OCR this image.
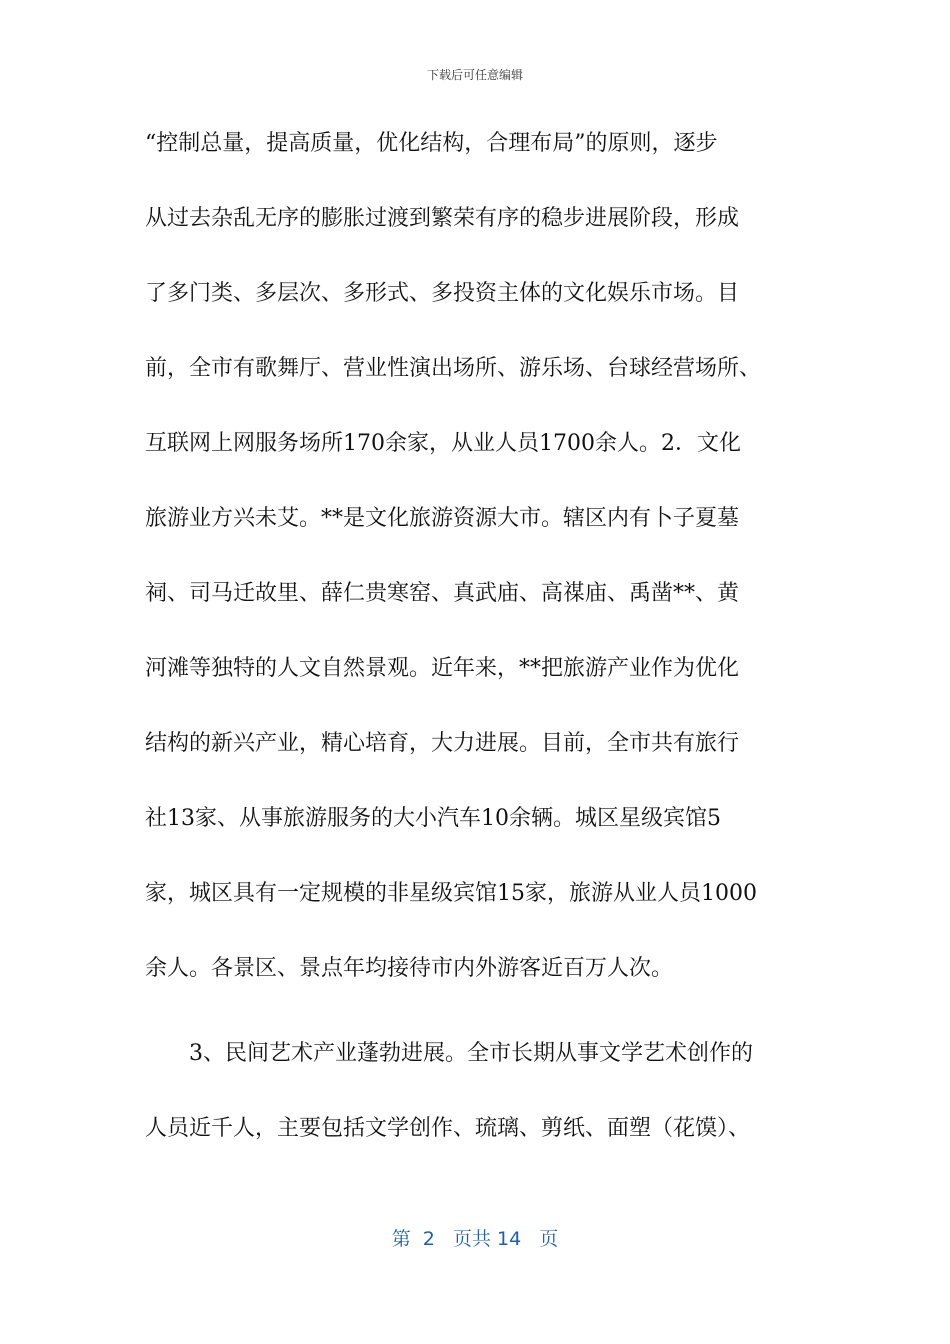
下载后可任意编辑
“控制总量，提高质量，优化结构，合理布局”的原则，逐步
从过去杂乱无序的膨胀过渡到繁荣有序的稳步进展阶段，形成
了多门类、多层次、多形式、多投资主体的文化娱乐市场。目
前，全市有歌舞厅、营业性演出场所、游乐场、台球经营场所、
互联网上网服务场所170余家，从业人员1700余人。2．文化
旅游业方兴未艾。**是文化旅游资源大市。辖区内有卜子夏墓
祠、司马迁故里、薛仁贵寒窑、真武庙、高禖庙、禹凿**、黄
河滩等独特的人文自然景观。近年来，**把旅游产业作为优化
结构的新兴产业，精心培育，大力进展。目前，全市共有旅行
社13家、从事旅游服务的大小汽车10余辆。城区星级宾馆5
家，城区具有一定规模的非星级宾馆15家，旅游从业人员1000
余人。各景区、景点年均接待市内外游客近百万人次。
3、民间艺术产业蓬勃进展。全市长期从事文学艺术创作的
人员近千人，主要包括文学创作、琉璃、剪纸、面塑（花馍）、
第  2   页共 14   页
